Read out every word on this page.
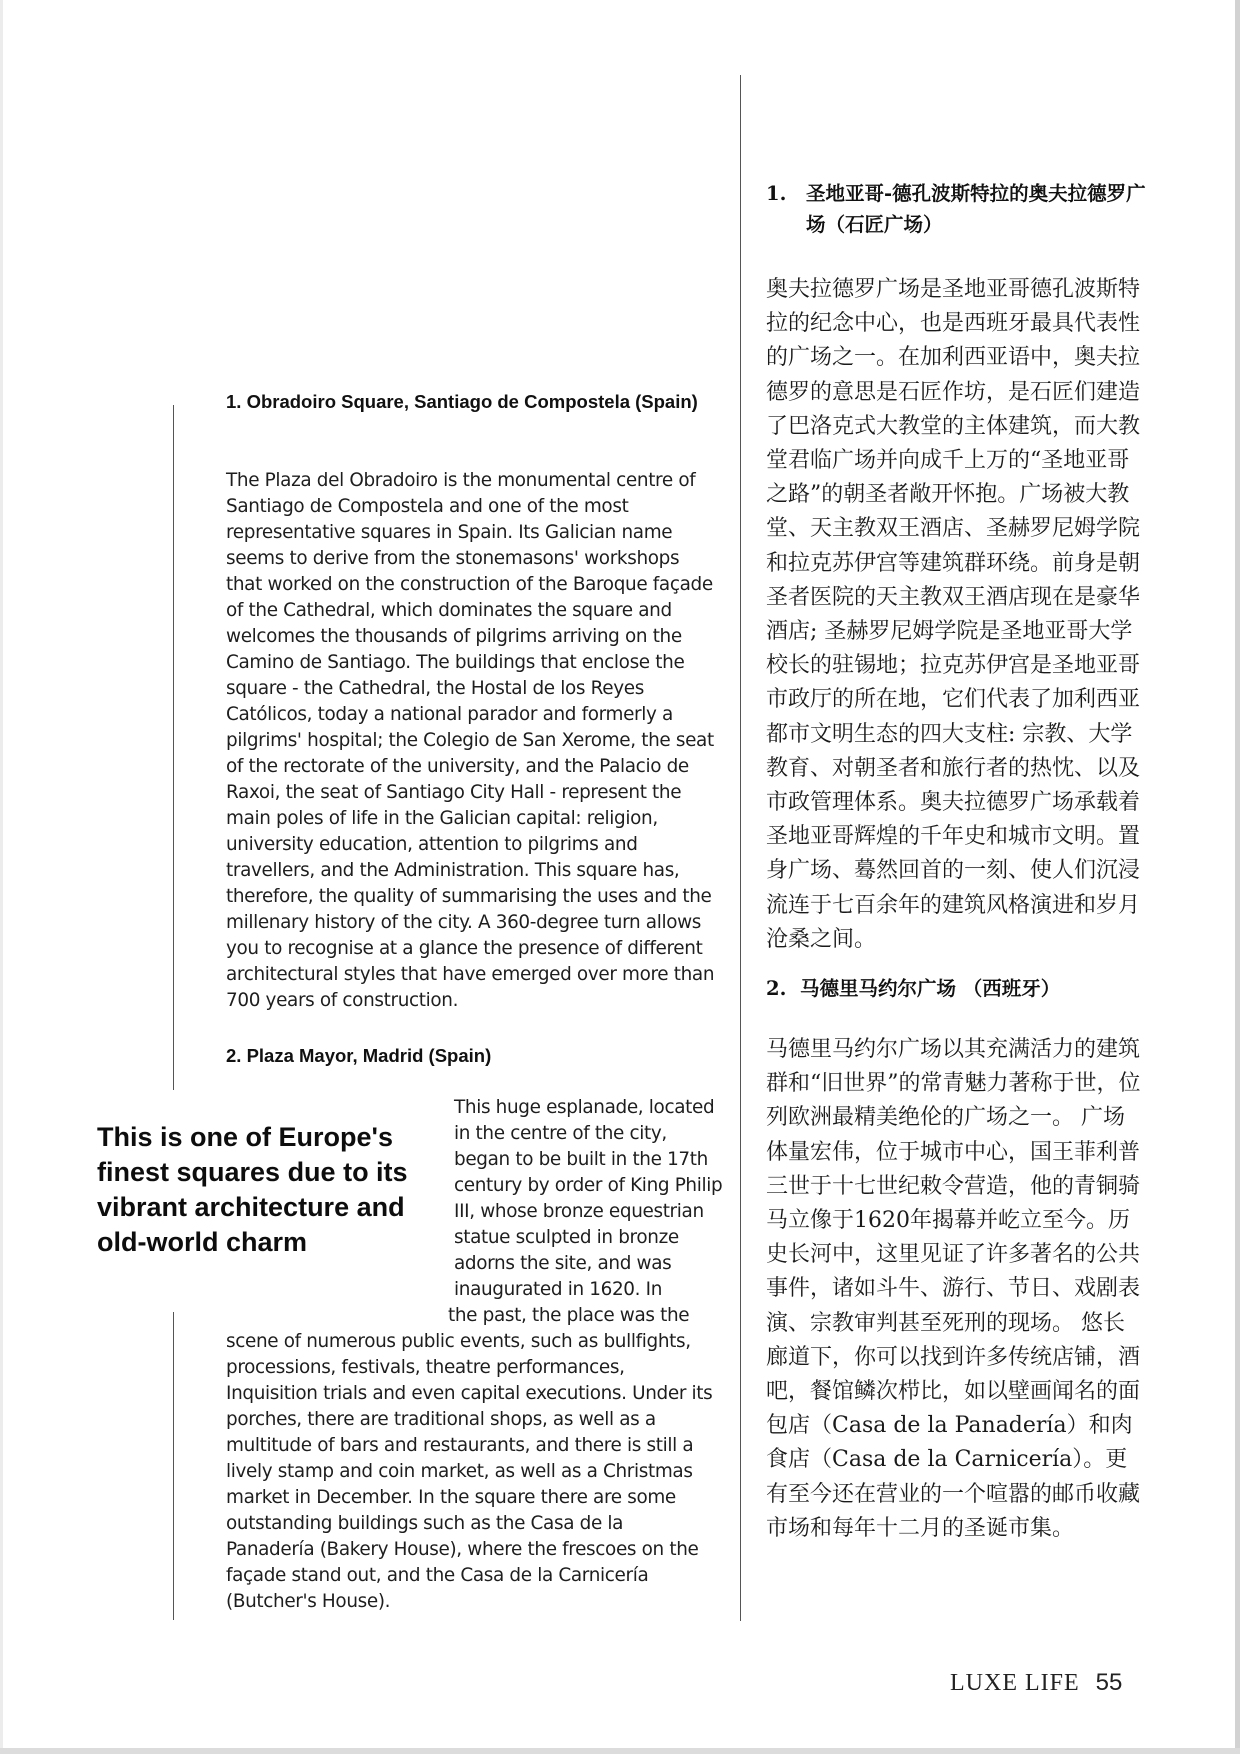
1. Obradoiro Square, Santiago de Compostela (Spain)

The Plaza del Obradoiro is the monumental centre of Santiago de Compostela and one of the most representative squares in Spain. Its Galician name seems to derive from the stonemasons' workshops that worked on the construction of the Baroque façade of the Cathedral, which dominates the square and welcomes the thousands of pilgrims arriving on the Camino de Santiago. The buildings that enclose the square - the Cathedral, the Hostal de los Reyes Católicos, today a national parador and formerly a pilgrims' hospital; the Colegio de San Xerome, the seat of the rectorate of the university, and the Palacio de Raxoi, the seat of Santiago City Hall - represent the main poles of life in the Galician capital: religion, university education, attention to pilgrims and travellers, and the Administration. This square has, therefore, the quality of summarising the uses and the millenary history of the city. A 360-degree turn allows you to recognise at a glance the presence of different architectural styles that have emerged over more than 700 years of construction.

2. Plaza Mayor, Madrid (Spain)

This huge esplanade, located in the centre of the city, began to be built in the 17th century by order of King Philip III, whose bronze equestrian statue sculpted in bronze adorns the site, and was inaugurated in 1620. In

the past, the place was the

scene of numerous public events, such as bullfights, processions, festivals, theatre performances, Inquisition trials and even capital executions. Under its porches, there are traditional shops, as well as a multitude of bars and restaurants, and there is still a lively stamp and coin market, as well as a Christmas market in December. In the square there are some outstanding buildings such as the Casa de la Panadería (Bakery House), where the frescoes on the façade stand out, and the Casa de la Carnicería (Butcher's House).

This is one of Europe's finest squares due to its vibrant architecture and old-world charm
1. 圣地亚哥-德孔波斯特拉的奥夫拉德罗广场（石匠广场）

奥夫拉德罗广场是圣地亚哥德孔波斯特拉的纪念中心，也是西班牙最具代表性的广场之一。在加利西亚语中，奥夫拉德罗的意思是石匠作坊，是石匠们建造了巴洛克式大教堂的主体建筑，而大教堂君临广场并向成千上万的“圣地亚哥之路”的朝圣者敞开怀抱。广场被大教堂、天主教双王酒店、圣赫罗尼姆学院和拉克苏伊宫等建筑群环绕。前身是朝圣者医院的天主教双王酒店现在是豪华酒店; 圣赫罗尼姆学院是圣地亚哥大学校长的驻锡地；拉克苏伊宫是圣地亚哥市政厅的所在地，它们代表了加利西亚都市文明生态的四大支柱: 宗教、大学教育、对朝圣者和旅行者的热忱、以及市政管理体系。奥夫拉德罗广场承载着圣地亚哥辉煌的千年史和城市文明。置身广场、蓦然回首的一刻、使人们沉浸流连于七百余年的建筑风格演进和岁月沧桑之间。

2. 马德里马约尔广场 （西班牙）

马德里马约尔广场以其充满活力的建筑群和“旧世界”的常青魅力著称于世，位列欧洲最精美绝伦的广场之一。 广场体量宏伟，位于城市中心，国王菲利普三世于十七世纪敕令营造，他的青铜骑马立像于1620年揭幕并屹立至今。历史长河中，这里见证了许多著名的公共事件，诸如斗牛、游行、节日、戏剧表演、宗教审判甚至死刑的现场。 悠长廊道下，你可以找到许多传统店铺，酒吧，餐馆鳞次栉比，如以壁画闻名的面包店（Casa de la Panadería）和肉食店（Casa de la Carnicería）。更有至今还在营业的一个喧嚣的邮币收藏市场和每年十二月的圣诞市集。

LUXE LIFE 55
